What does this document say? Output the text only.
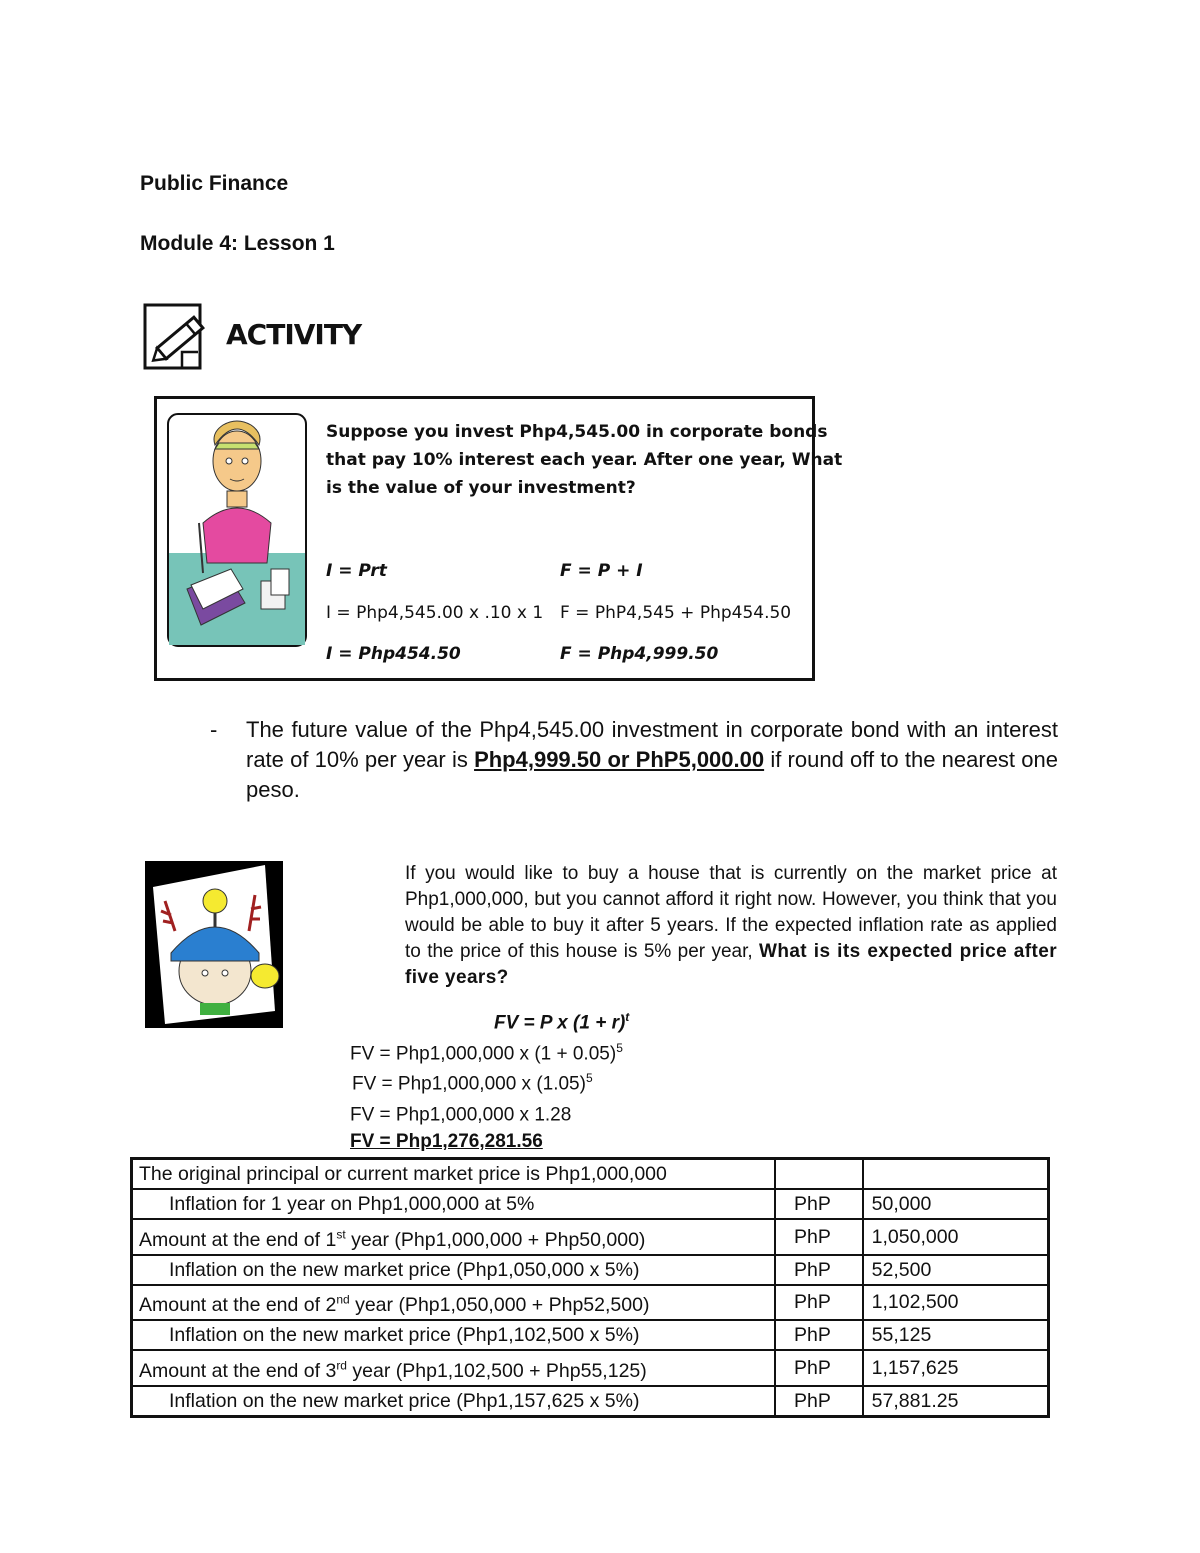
Public Finance
Module 4: Lesson 1
ACTIVITY
Suppose you invest Php4,545.00 in corporate bonds that pay 10% interest each year. After one year, What is the value of your investment?
I = Prt
I = Php4,545.00 x .10 x 1
I = Php454.50
F = P + I
F = PhP4,545 + Php454.50
F = Php4,999.50
- The future value of the Php4,545.00 investment in corporate bond with an interest rate of 10% per year is Php4,999.50 or PhP5,000.00 if round off to the nearest one peso.
If you would like to buy a house that is currently on the market price at Php1,000,000, but you cannot afford it right now. However, you think that you would be able to buy it after 5 years. If the expected inflation rate as applied to the price of this house is 5% per year, What is its expected price after five years?
FV = P x $(1 + r)^t$
FV = Php1,000,000 x $(1 + 0.05)^5$
FV = Php1,000,000 x $(1.05)^5$
FV = Php1,000,000 x 1.28
FV = Php1,276,281.56
The original principal or current market price is Php1,000,000		
Inflation for 1 year on Php1,000,000 at 5%	PhP	50,000
Amount at the end of 1st year (Php1,000,000 + Php50,000)	PhP	1,050,000
Inflation on the new market price (Php1,050,000 x 5%)	PhP	52,500
Amount at the end of 2nd year (Php1,050,000 + Php52,500)	PhP	1,102,500
Inflation on the new market price (Php1,102,500 x 5%)	PhP	55,125
Amount at the end of 3rd year (Php1,102,500 + Php55,125)	PhP	1,157,625
Inflation on the new market price (Php1,157,625 x 5%)	PhP	57,881.25
